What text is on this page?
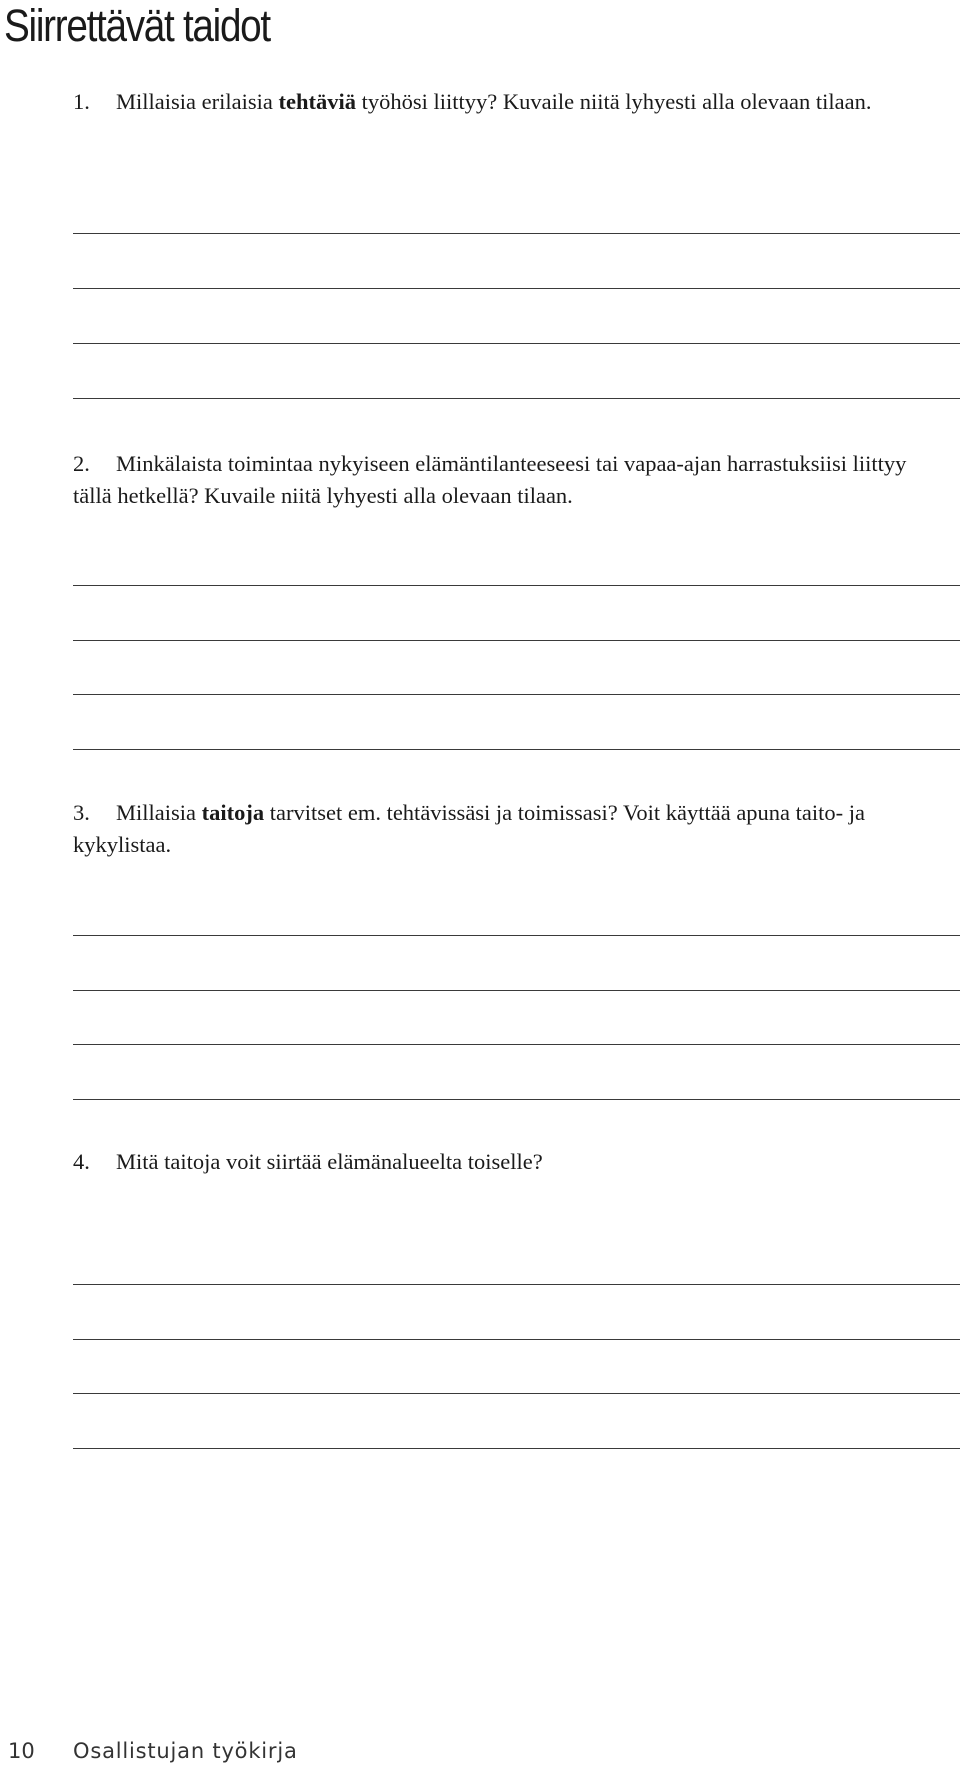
Siirrettävät taidot
1. Millaisia erilaisia tehtäviä työhösi liittyy? Kuvaile niitä lyhyesti alla olevaan tilaan.
2. Minkälaista toimintaa nykyiseen elämäntilanteeseesi tai vapaa-ajan harrastuksiisi liittyy tällä hetkellä? Kuvaile niitä lyhyesti alla olevaan tilaan.
3. Millaisia taitoja tarvitset em. tehtävissäsi ja toimissasi? Voit käyttää apuna taito- ja kykylistaa.
4. Mitä taitoja voit siirtää elämänalueelta toiselle?
10 Osallistujan työkirja
